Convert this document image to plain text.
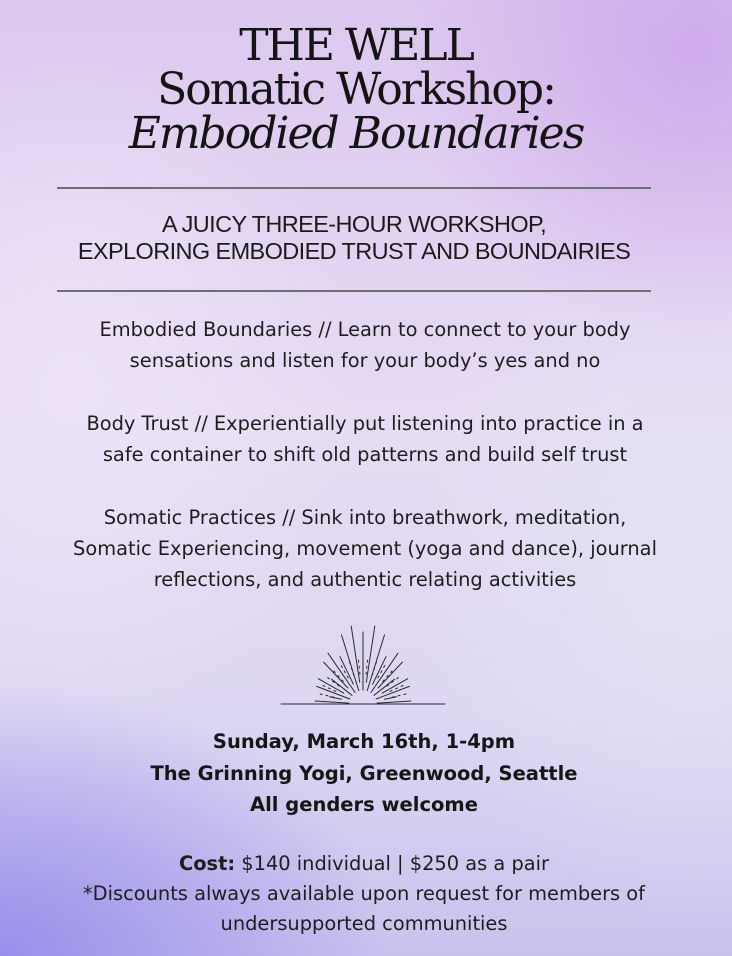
THE WELL
Somatic Workshop:
Embodied Boundaries
A JUICY THREE-HOUR WORKSHOP,
EXPLORING EMBODIED TRUST AND BOUNDAIRIES

Embodied Boundaries // Learn to connect to your body
sensations and listen for your body’s yes and no

Body Trust // Experientially put listening into practice in a
safe container to shift old patterns and build self trust

Somatic Practices // Sink into breathwork, meditation,
Somatic Experiencing, movement (yoga and dance), journal
reflections, and authentic relating activities

Sunday, March 16th, 1-4pm
The Grinning Yogi, Greenwood, Seattle
All genders welcome
Cost: $140 individual | $250 as a pair
*Discounts always available upon request for members of
undersupported communities
